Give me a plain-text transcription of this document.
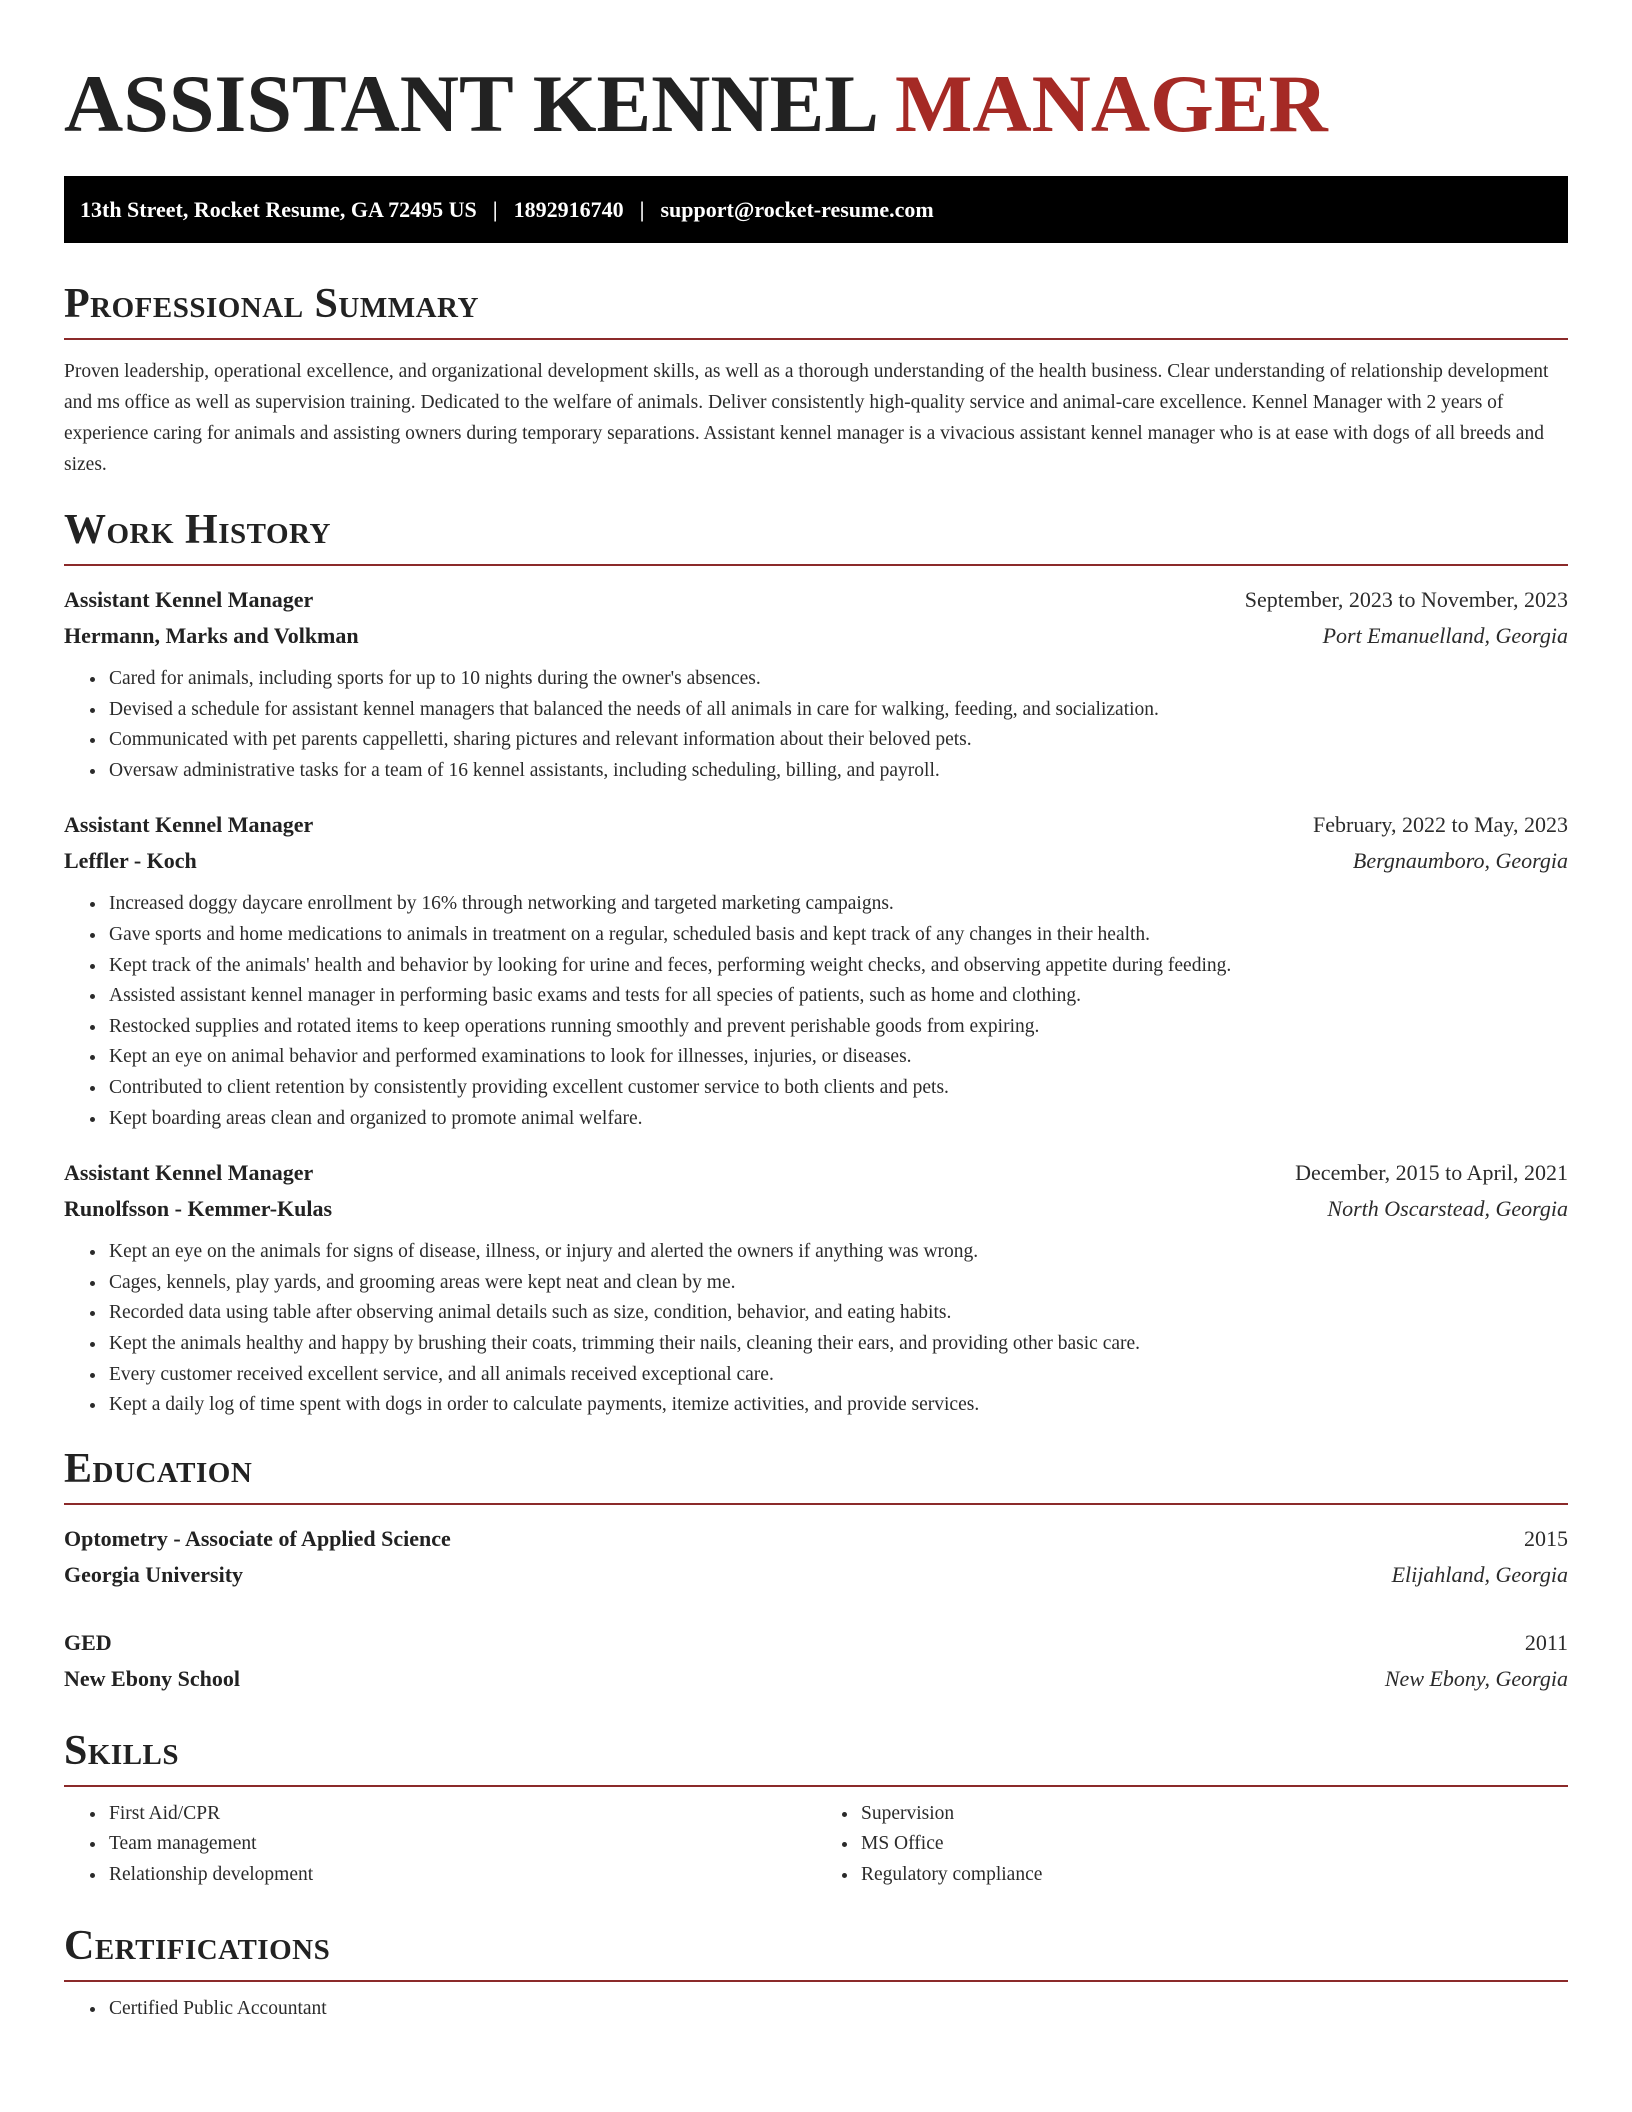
ASSISTANT KENNEL MANAGER
13th Street, Rocket Resume, GA 72495 US | 1892916740 | support@rocket-resume.com
Professional Summary

Proven leadership, operational excellence, and organizational development skills, as well as a thorough understanding of the health business. Clear understanding of relationship development and ms office as well as supervision training. Dedicated to the welfare of animals. Deliver consistently high-quality service and animal-care excellence. Kennel Manager with 2 years of experience caring for animals and assisting owners during temporary separations. Assistant kennel manager is a vivacious assistant kennel manager who is at ease with dogs of all breeds and sizes.

Work History
Assistant Kennel Manager	September, 2023 to November, 2023
Hermann, Marks and Volkman	Port Emanuelland, Georgia
• Cared for animals, including sports for up to 10 nights during the owner's absences.
• Devised a schedule for assistant kennel managers that balanced the needs of all animals in care for walking, feeding, and socialization.
• Communicated with pet parents cappelletti, sharing pictures and relevant information about their beloved pets.
• Oversaw administrative tasks for a team of 16 kennel assistants, including scheduling, billing, and payroll.
Assistant Kennel Manager	February, 2022 to May, 2023
Leffler - Koch	Bergnaumboro, Georgia
• Increased doggy daycare enrollment by 16% through networking and targeted marketing campaigns.
• Gave sports and home medications to animals in treatment on a regular, scheduled basis and kept track of any changes in their health.
• Kept track of the animals' health and behavior by looking for urine and feces, performing weight checks, and observing appetite during feeding.
• Assisted assistant kennel manager in performing basic exams and tests for all species of patients, such as home and clothing.
• Restocked supplies and rotated items to keep operations running smoothly and prevent perishable goods from expiring.
• Kept an eye on animal behavior and performed examinations to look for illnesses, injuries, or diseases.
• Contributed to client retention by consistently providing excellent customer service to both clients and pets.
• Kept boarding areas clean and organized to promote animal welfare.
Assistant Kennel Manager	December, 2015 to April, 2021
Runolfsson - Kemmer-Kulas	North Oscarstead, Georgia
• Kept an eye on the animals for signs of disease, illness, or injury and alerted the owners if anything was wrong.
• Cages, kennels, play yards, and grooming areas were kept neat and clean by me.
• Recorded data using table after observing animal details such as size, condition, behavior, and eating habits.
• Kept the animals healthy and happy by brushing their coats, trimming their nails, cleaning their ears, and providing other basic care.
• Every customer received excellent service, and all animals received exceptional care.
• Kept a daily log of time spent with dogs in order to calculate payments, itemize activities, and provide services.
Education
Optometry - Associate of Applied Science	2015
Georgia University	Elijahland, Georgia
GED	2011
New Ebony School	New Ebony, Georgia
Skills
• First Aid/CPR
• Team management
• Relationship development
• Supervision
• MS Office
• Regulatory compliance
Certifications
• Certified Public Accountant
